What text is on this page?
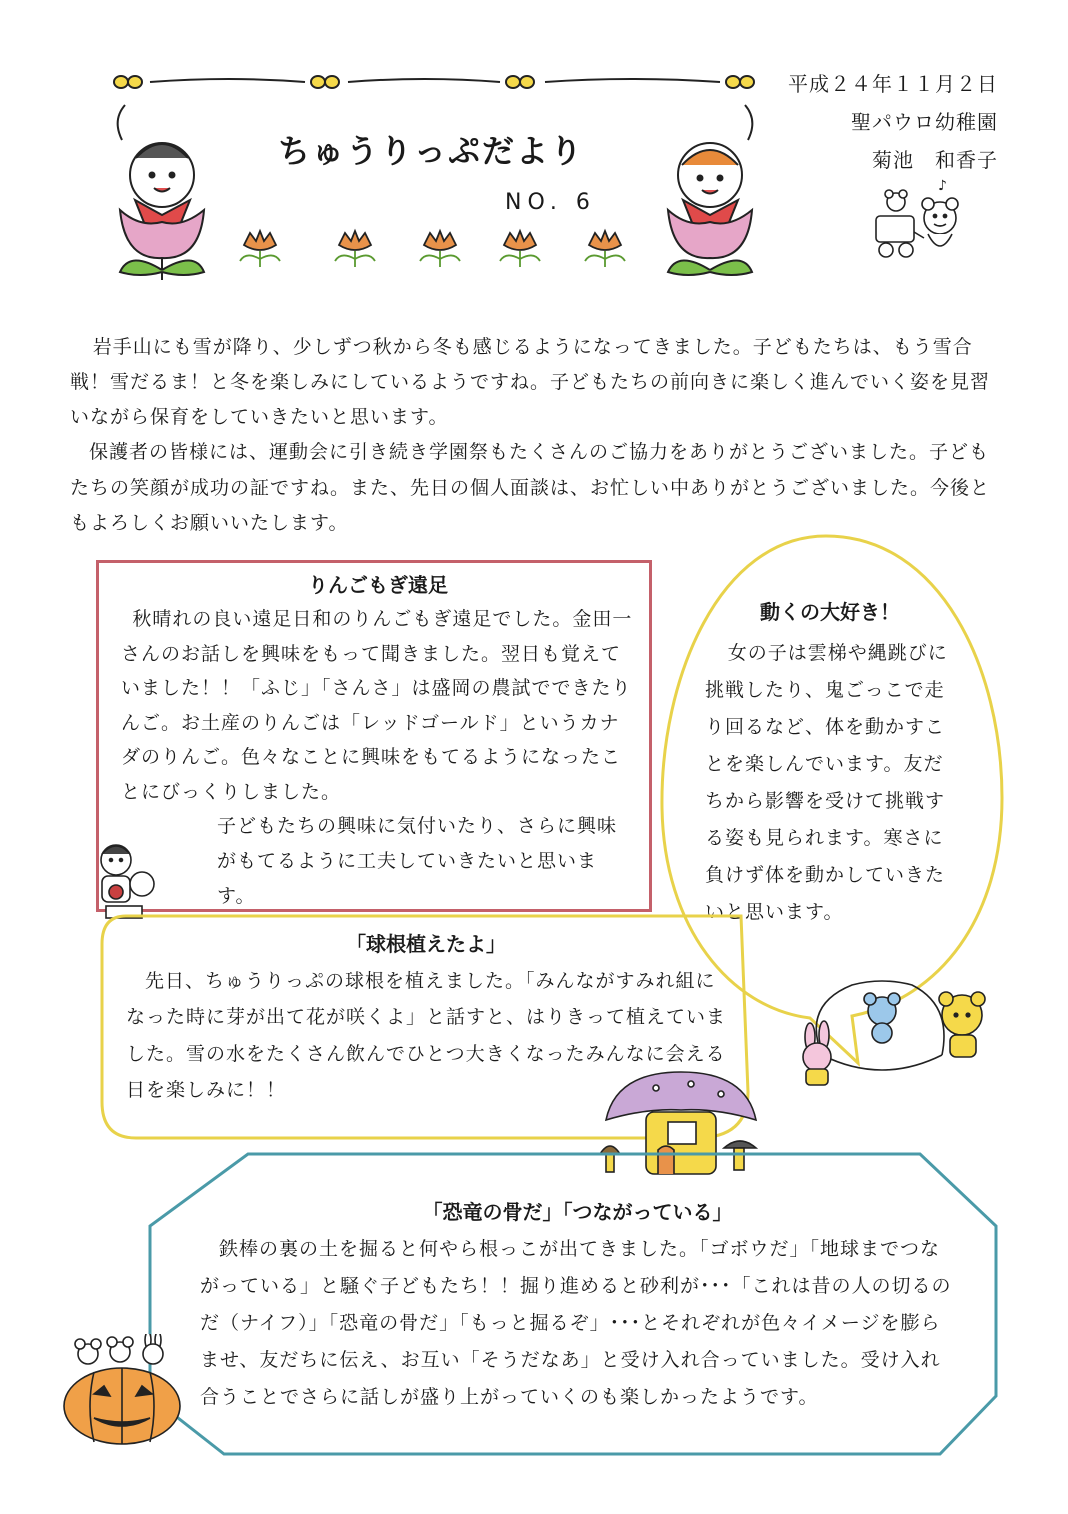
ちゅうりっぷだより
NO. 6
平成２４年１１月２日
聖パウロ幼稚園
菊池　和香子
♪

岩手山にも雪が降り、少しずつ秋から冬も感じるようになってきました。子どもたちは、もう雪合戦！雪だるま！と冬を楽しみにしているようですね。子どもたちの前向きに楽しく進んでいく姿を見習いながら保育をしていきたいと思います。

保護者の皆様には、運動会に引き続き学園祭もたくさんのご協力をありがとうございました。子どもたちの笑顔が成功の証ですね。また、先日の個人面談は、お忙しい中ありがとうございました。今後ともよろしくお願いいたします。

りんごもぎ遠足

秋晴れの良い遠足日和のりんごもぎ遠足でした。金田一さんのお話しを興味をもって聞きました。翌日も覚えていました！！「ふじ」「さんさ」は盛岡の農試でできたりんご。お土産のりんごは「レッドゴールド」というカナダのりんご。色々なことに興味をもてるようになったことにびっくりしました。

子どもたちの興味に気付いたり、さらに興味がもてるように工夫していきたいと思います。

動くの大好き！

女の子は雲梯や縄跳びに挑戦したり、鬼ごっこで走り回るなど、体を動かすことを楽しんでいます。友だちから影響を受けて挑戦する姿も見られます。寒さに負けず体を動かしていきたいと思います。

「球根植えたよ」

先日、ちゅうりっぷの球根を植えました。「みんながすみれ組になった時に芽が出て花が咲くよ」と話すと、はりきって植えていました。雪の水をたくさん飲んでひとつ大きくなったみんなに会える日を楽しみに！！

「恐竜の骨だ」「つながっている」

鉄棒の裏の土を掘ると何やら根っこが出てきました。「ゴボウだ」「地球までつながっている」と騒ぐ子どもたち！！掘り進めると砂利が･･･「これは昔の人の切るのだ（ナイフ）」「恐竜の骨だ」「もっと掘るぞ」･･･とそれぞれが色々イメージを膨らませ、友だちに伝え、お互い「そうだなあ」と受け入れ合っていました。受け入れ合うことでさらに話しが盛り上がっていくのも楽しかったようです。
